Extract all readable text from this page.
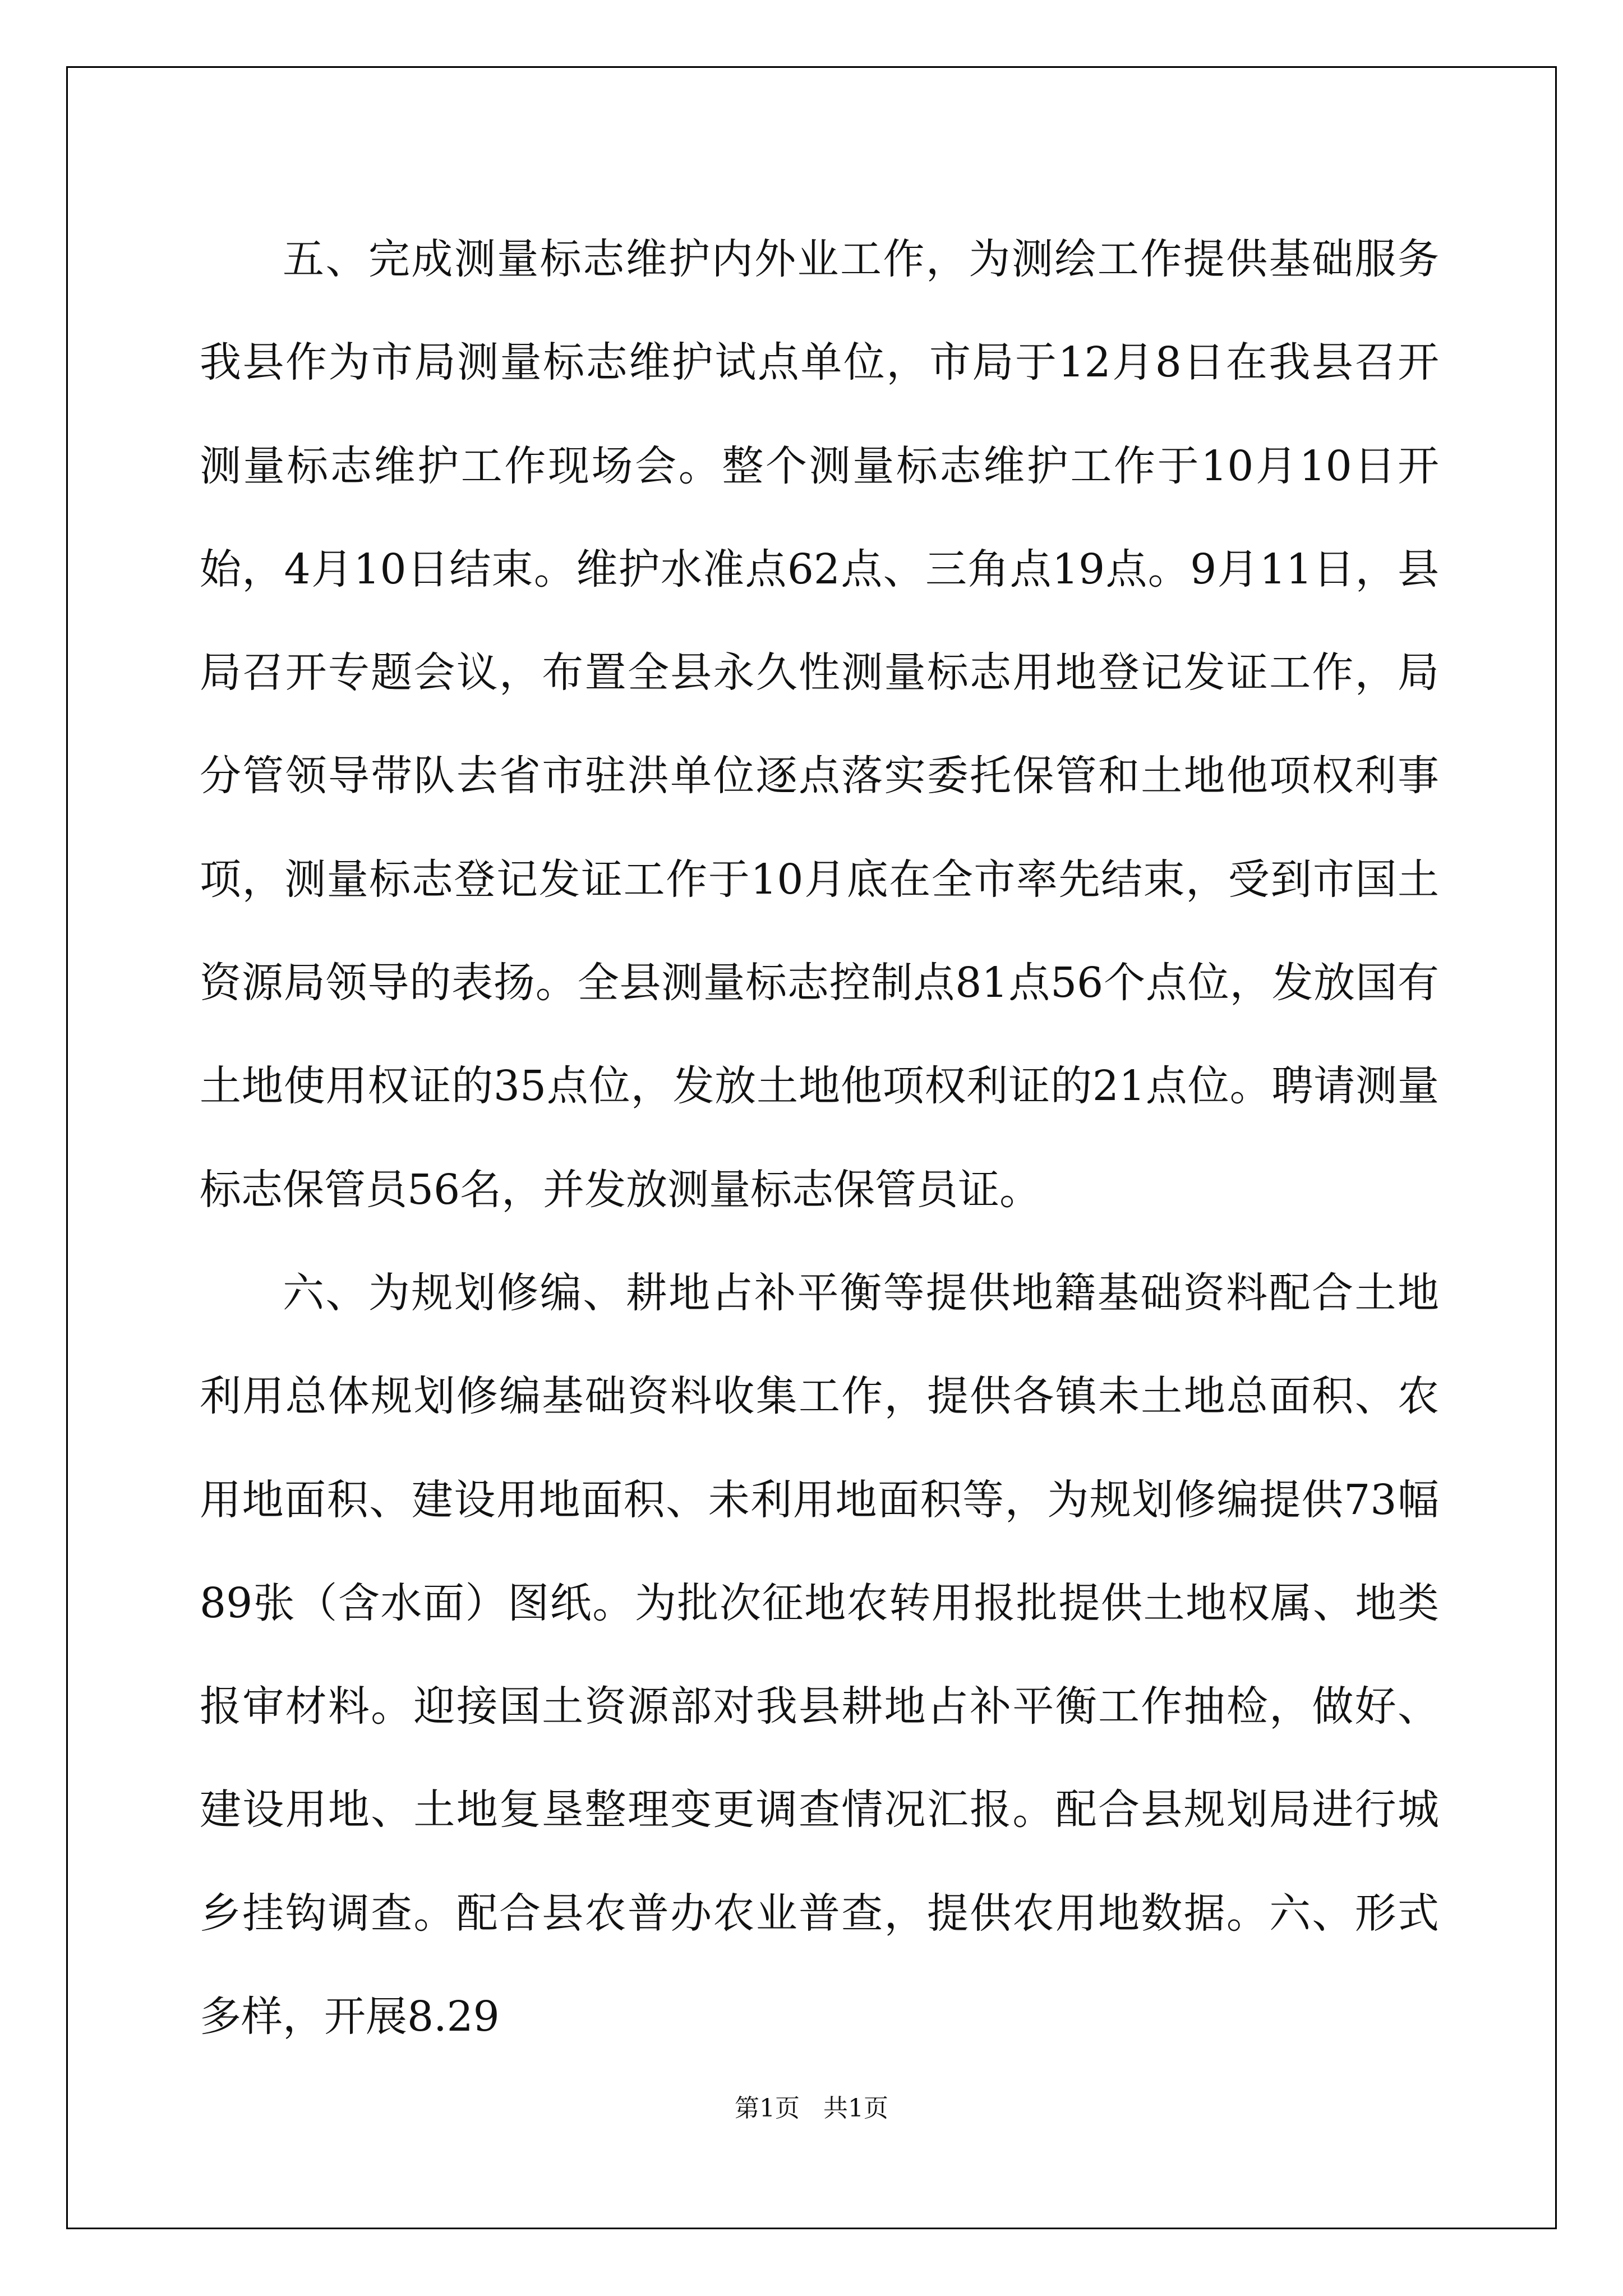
五、完成测量标志维护内外业工作，为测绘工作提供基础服务我县作为市局测量标志维护试点单位，市局于12月8日在我县召开测量标志维护工作现场会。整个测量标志维护工作于10月10日开始，4月10日结束。维护水准点62点、三角点19点。9月11日，县局召开专题会议，布置全县永久性测量标志用地登记发证工作，局分管领导带队去省市驻洪单位逐点落实委托保管和土地他项权利事项，测量标志登记发证工作于10月底在全市率先结束，受到市国土资源局领导的表扬。全县测量标志控制点81点56个点位，发放国有土地使用权证的35点位，发放土地他项权利证的21点位。聘请测量标志保管员56名，并发放测量标志保管员证。

六、为规划修编、耕地占补平衡等提供地籍基础资料配合土地利用总体规划修编基础资料收集工作，提供各镇未土地总面积、农用地面积、建设用地面积、未利用地面积等，为规划修编提供73幅89张（含水面）图纸。为批次征地农转用报批提供土地权属、地类报审材料。迎接国土资源部对我县耕地占补平衡工作抽检，做好、建设用地、土地复垦整理变更调查情况汇报。配合县规划局进行城乡挂钩调查。配合县农普办农业普查，提供农用地数据。六、形式多样，开展8.29

第1页   共1页
